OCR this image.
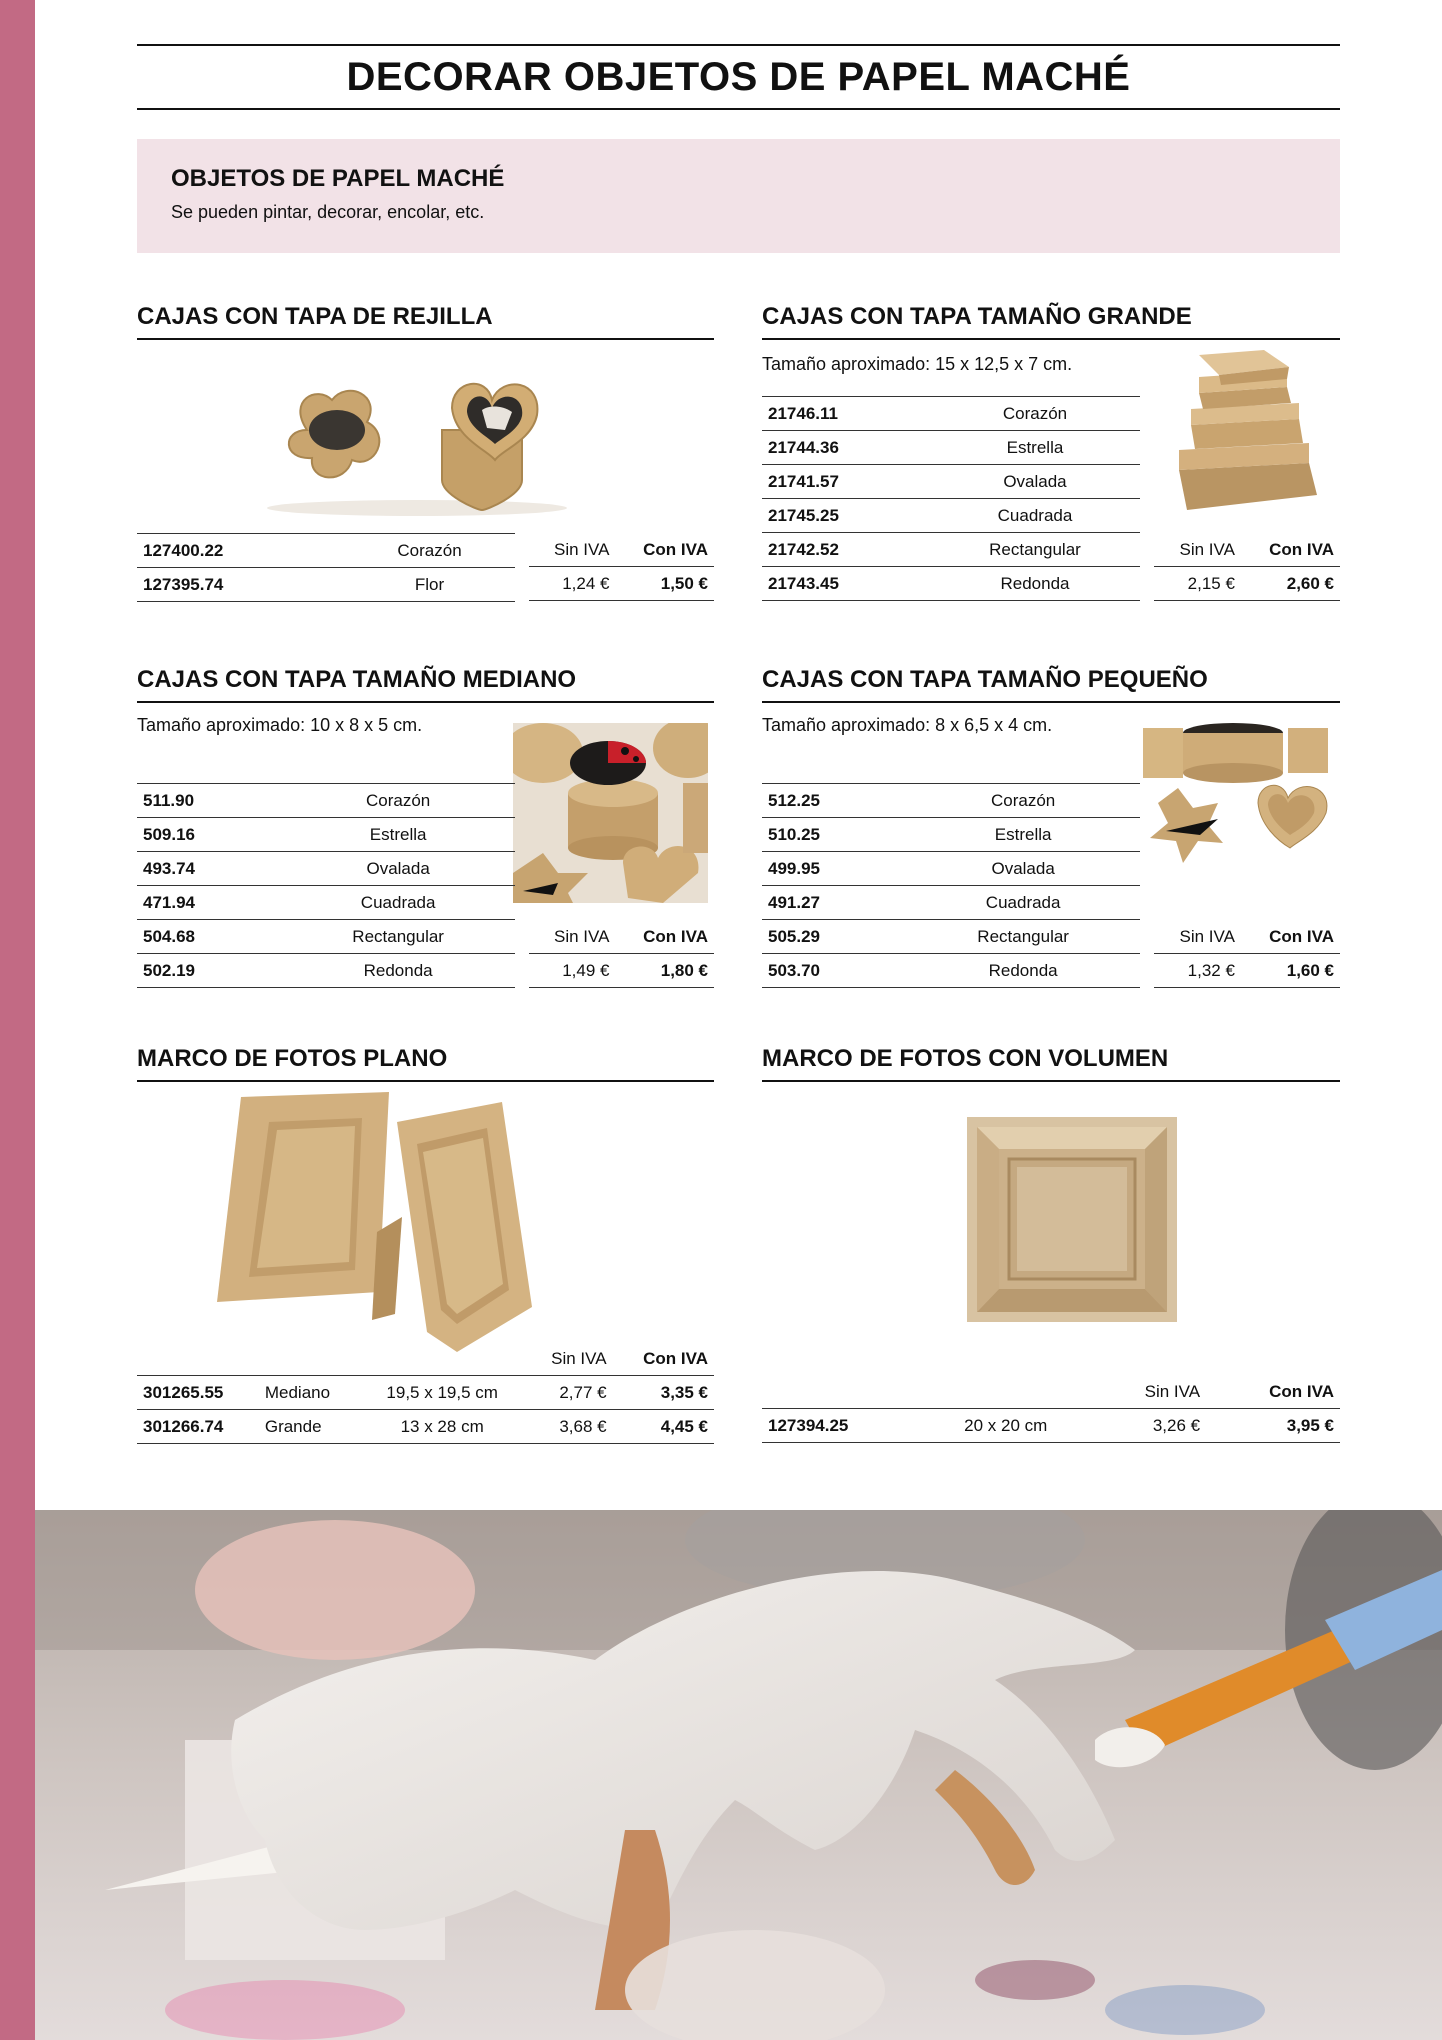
DECORAR OBJETOS DE PAPEL MACHÉ
OBJETOS DE PAPEL MACHÉ

Se pueden pintar, decorar, encolar, etc.

CAJAS CON TAPA DE REJILLA
127400.22	Corazón
127395.74	Flor
Sin IVA	Con IVA
1,24 €	1,50 €
CAJAS CON TAPA TAMAÑO GRANDE
Tamaño aproximado: 15 x 12,5 x 7 cm.
21746.11	Corazón
21744.36	Estrella
21741.57	Ovalada
21745.25	Cuadrada
21742.52	Rectangular
21743.45	Redonda
Sin IVA	Con IVA
2,15 €	2,60 €
CAJAS CON TAPA TAMAÑO MEDIANO
Tamaño aproximado: 10 x 8 x 5 cm.
511.90	Corazón
509.16	Estrella
493.74	Ovalada
471.94	Cuadrada
504.68	Rectangular
502.19	Redonda
Sin IVA	Con IVA
1,49 €	1,80 €
CAJAS CON TAPA TAMAÑO PEQUEÑO
Tamaño aproximado: 8 x 6,5 x 4 cm.
512.25	Corazón
510.25	Estrella
499.95	Ovalada
491.27	Cuadrada
505.29	Rectangular
503.70	Redonda
Sin IVA	Con IVA
1,32 €	1,60 €
MARCO DE FOTOS PLANO
			Sin IVA	Con IVA
301265.55	Mediano	19,5 x 19,5 cm	2,77 €	3,35 €
301266.74	Grande	13 x 28 cm	3,68 €	4,45 €
MARCO DE FOTOS CON VOLUMEN
		Sin IVA	Con IVA
127394.25	20 x 20 cm	3,26 €	3,95 €
